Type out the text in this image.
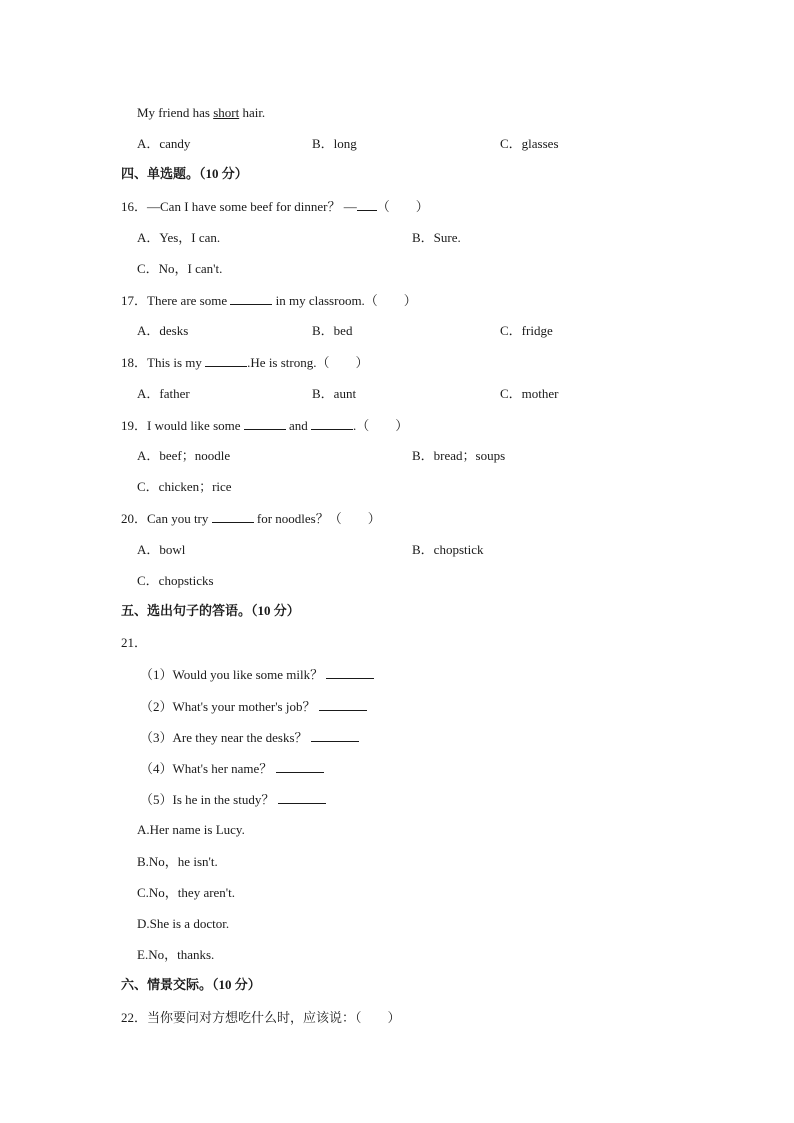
My friend has short hair.
A．candy	B．long	C．glasses
四、单选题。（10 分）
16．—Can I have some beef for dinner？ — （　　）
A．Yes，I can.	B．Sure.
C．No，I can't.
17．There are some	in my classroom.（　　）
A．desks	B．bed	C．fridge
18．This is my	.He is strong.（　　）
A．father	B．aunt	C．mother
19．I would like some	and	.（　　）
A．beef；noodle	B．bread；soups
C．chicken；rice
20．Can you try	for noodles？（　　）
A．bowl	B．chopstick
C．chopsticks
五、选出句子的答语。（10 分）
21．
（1）Would you like some milk？
（2）What's your mother's job？
（3）Are they near the desks？
（4）What's her name？
（5）Is he in the study？
A.Her name is Lucy.
B.No，he isn't.
C.No，they aren't.
D.She is a doctor.
E.No，thanks.
六、情景交际。（10 分）
22．当你要问对方想吃什么时，应该说：（　　）
